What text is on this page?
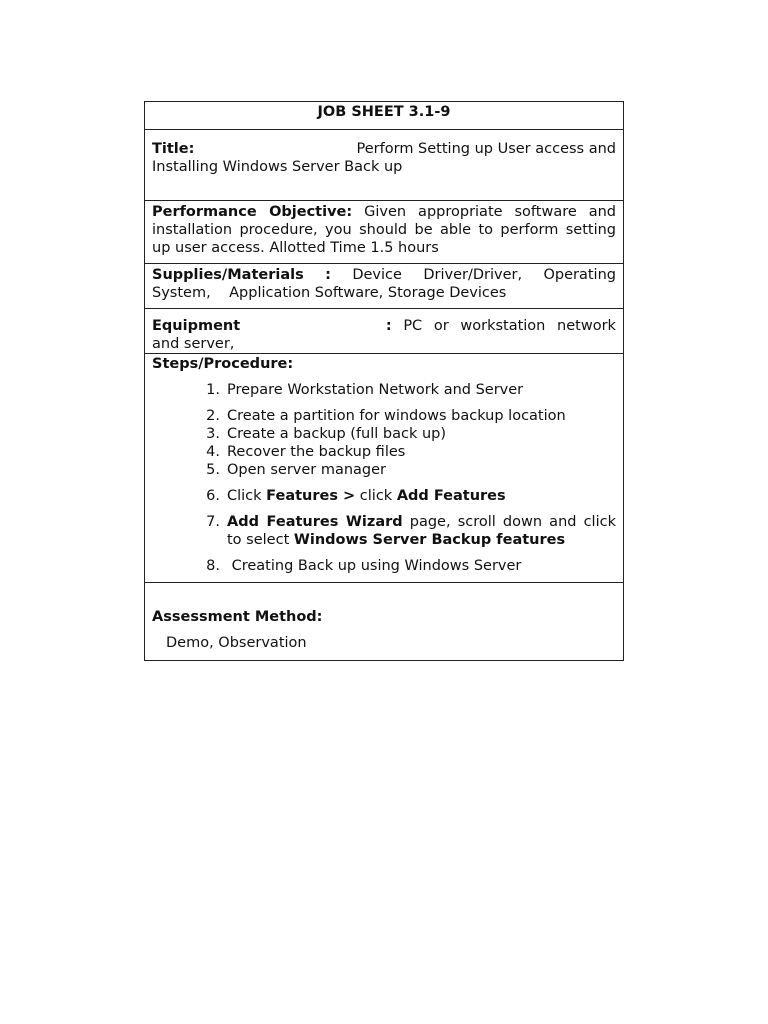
JOB SHEET 3.1-9
Title:	Perform Setting up User access and
Installing Windows Server Back up
Performance Objective: Given appropriate software and installation procedure, you should be able to perform setting up user access. Allotted Time 1.5 hours
Supplies/Materials : Device Driver/Driver, Operating
System,    Application Software, Storage Devices
Equipment	: PC or workstation network
and server,
Steps/Procedure:
1. Prepare Workstation Network and Server
2. Create a partition for windows backup location
3. Create a backup (full back up)
4. Recover the backup files
5. Open server manager
6. Click Features > click Add Features
7. Add Features Wizard page, scroll down and click to select Windows Server Backup features
8. Creating Back up using Windows Server
Assessment Method:
Demo, Observation
